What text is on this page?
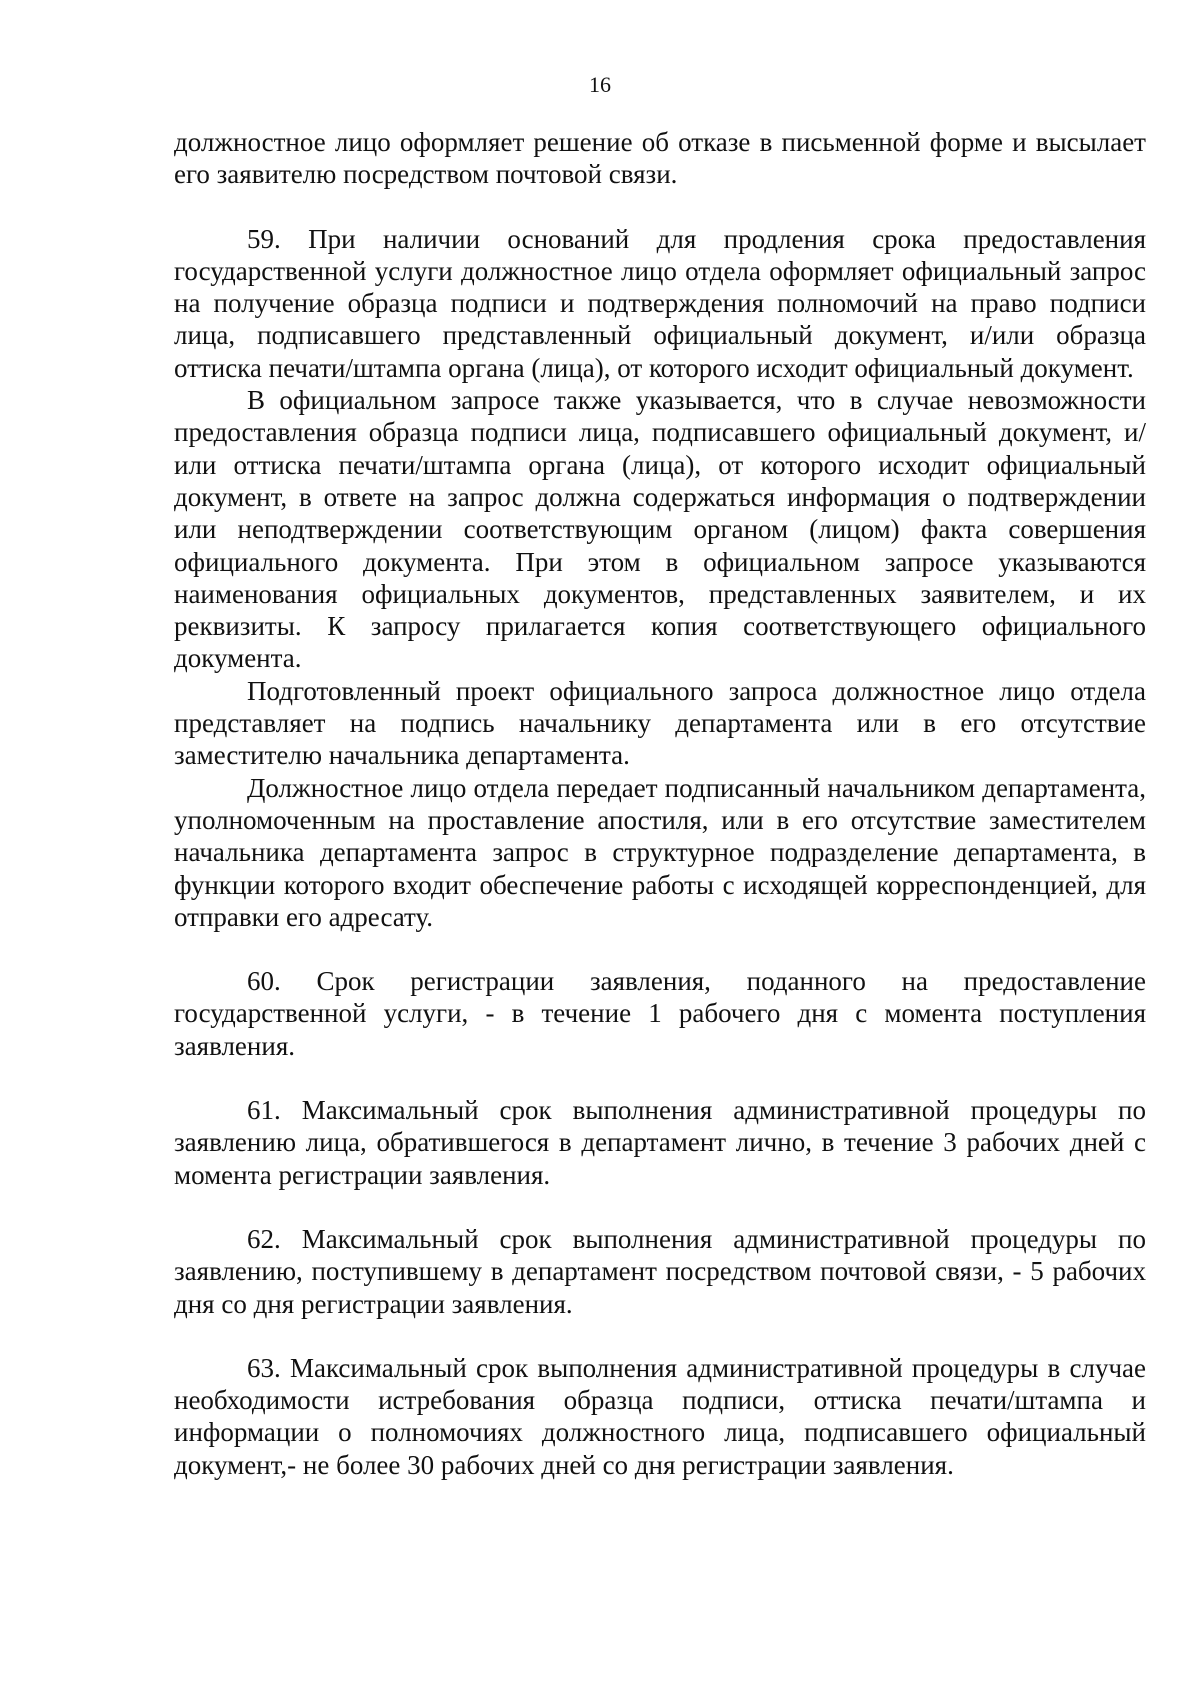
16

должностное лицо оформляет решение об отказе в письменной форме и высылает его заявителю посредством почтовой связи.

59. При наличии оснований для продления срока предоставления государственной услуги должностное лицо отдела оформляет официальный запрос на получение образца подписи и подтверждения полномочий на право подписи лица, подписавшего представленный официальный документ, и/или образца оттиска печати/штампа органа (лица), от которого исходит официальный документ.

В официальном запросе также указывается, что в случае невозможности предоставления образца подписи лица, подписавшего официальный документ, и/или оттиска печати/штампа органа (лица), от которого исходит официальный документ, в ответе на запрос должна содержаться информация о подтверждении или неподтверждении соответствующим органом (лицом) факта совершения официального документа. При этом в официальном запросе указываются наименования официальных документов, представленных заявителем, и их реквизиты. К запросу прилагается копия соответствующего официального документа.

Подготовленный проект официального запроса должностное лицо отдела представляет на подпись начальнику департамента или в его отсутствие заместителю начальника департамента.

Должностное лицо отдела передает подписанный начальником департамента, уполномоченным на проставление апостиля, или в его отсутствие заместителем начальника департамента запрос в структурное подразделение департамента, в функции которого входит обеспечение работы с исходящей корреспонденцией, для отправки его адресату.

60. Срок регистрации заявления, поданного на предоставление государственной услуги, - в течение 1 рабочего дня с момента поступления заявления.

61. Максимальный срок выполнения административной процедуры по заявлению лица, обратившегося в департамент лично, в течение 3 рабочих дней с момента регистрации заявления.

62. Максимальный срок выполнения административной процедуры по заявлению, поступившему в департамент посредством почтовой связи, - 5 рабочих дня со дня регистрации заявления.

63. Максимальный срок выполнения административной процедуры в случае необходимости истребования образца подписи, оттиска печати/штампа и информации о полномочиях должностного лица, подписавшего официальный документ,- не более 30 рабочих дней со дня регистрации заявления.
